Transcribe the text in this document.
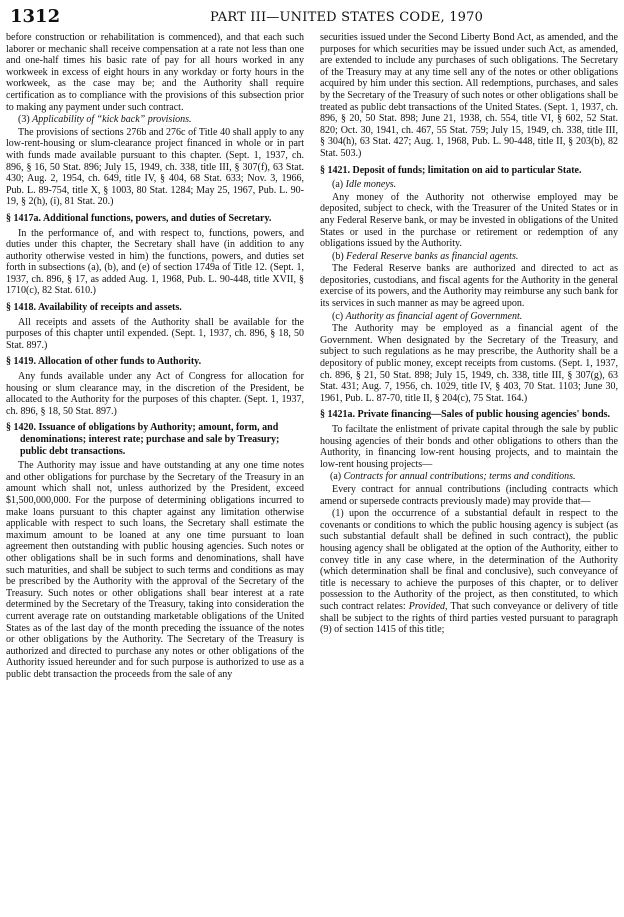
1312	PART III—UNITED STATES CODE, 1970

before construction or rehabilitation is commenced), and that each such laborer or mechanic shall receive compensation at a rate not less than one and one-half times his basic rate of pay for all hours worked in any workweek in excess of eight hours in any workday or forty hours in the workweek, as the case may be; and the Authority shall require certification as to compliance with the provisions of this subsection prior to making any payment under such contract.

(3) Applicability of “kick back” provisions.

The provisions of sections 276b and 276c of Title 40 shall apply to any low-rent-housing or slum-clearance project financed in whole or in part with funds made available pursuant to this chapter. (Sept. 1, 1937, ch. 896, § 16, 50 Stat. 896; July 15, 1949, ch. 338, title III, § 307(f), 63 Stat. 430; Aug. 2, 1954, ch. 649, title IV, § 404, 68 Stat. 633; Nov. 3, 1966, Pub. L. 89-754, title X, § 1003, 80 Stat. 1284; May 25, 1967, Pub. L. 90-19, § 2(h), (i), 81 Stat. 20.)

§ 1417a. Additional functions, powers, and duties of Secretary.

In the performance of, and with respect to, functions, powers, and duties under this chapter, the Secretary shall have (in addition to any authority otherwise vested in him) the functions, powers, and duties set forth in subsections (a), (b), and (e) of section 1749a of Title 12. (Sept. 1, 1937, ch. 896, § 17, as added Aug. 1, 1968, Pub. L. 90-448, title XVII, § 1710(c), 82 Stat. 610.)

§ 1418. Availability of receipts and assets.

All receipts and assets of the Authority shall be available for the purposes of this chapter until expended. (Sept. 1, 1937, ch. 896, § 18, 50 Stat. 897.)

§ 1419. Allocation of other funds to Authority.

Any funds available under any Act of Congress for allocation for housing or slum clearance may, in the discretion of the President, be allocated to the Authority for the purposes of this chapter. (Sept. 1, 1937, ch. 896, § 18, 50 Stat. 897.)

§ 1420. Issuance of obligations by Authority; amount, form, and denominations; interest rate; purchase and sale by Treasury; public debt transactions.

The Authority may issue and have outstanding at any one time notes and other obligations for purchase by the Secretary of the Treasury in an amount which shall not, unless authorized by the President, exceed $1,500,000,000. For the purpose of determining obligations incurred to make loans pursuant to this chapter against any limitation otherwise applicable with respect to such loans, the Secretary shall estimate the maximum amount to be loaned at any one time pursuant to loan agreement then outstanding with public housing agencies. Such notes or other obligations shall be in such forms and denominations, shall have such maturities, and shall be subject to such terms and conditions as may be prescribed by the Authority with the approval of the Secretary of the Treasury. Such notes or other obligations shall bear interest at a rate determined by the Secretary of the Treasury, taking into consideration the current average rate on outstanding marketable obligations of the United States as of the last day of the month preceding the issuance of the notes or other obligations by the Authority. The Secretary of the Treasury is authorized and directed to purchase any notes or other obligations of the Authority issued hereunder and for such purpose is authorized to use as a public debt transaction the proceeds from the sale of any

securities issued under the Second Liberty Bond Act, as amended, and the purposes for which securities may be issued under such Act, as amended, are extended to include any purchases of such obligations. The Secretary of the Treasury may at any time sell any of the notes or other obligations acquired by him under this section. All redemptions, purchases, and sales by the Secretary of the Treasury of such notes or other obligations shall be treated as public debt transactions of the United States. (Sept. 1, 1937, ch. 896, § 20, 50 Stat. 898; June 21, 1938, ch. 554, title VI, § 602, 52 Stat. 820; Oct. 30, 1941, ch. 467, 55 Stat. 759; July 15, 1949, ch. 338, title III, § 304(h), 63 Stat. 427; Aug. 1, 1968, Pub. L. 90-448, title II, § 203(b), 82 Stat. 503.)

§ 1421. Deposit of funds; limitation on aid to particular State.

(a) Idle moneys.

Any money of the Authority not otherwise employed may be deposited, subject to check, with the Treasurer of the United States or in any Federal Reserve bank, or may be invested in obligations of the United States or used in the purchase or retirement or redemption of any obligations issued by the Authority.

(b) Federal Reserve banks as financial agents.

The Federal Reserve banks are authorized and directed to act as depositories, custodians, and fiscal agents for the Authority in the general exercise of its powers, and the Authority may reimburse any such bank for its services in such manner as may be agreed upon.

(c) Authority as financial agent of Government.

The Authority may be employed as a financial agent of the Government. When designated by the Secretary of the Treasury, and subject to such regulations as he may prescribe, the Authority shall be a depository of public money, except receipts from customs. (Sept. 1, 1937, ch. 896, § 21, 50 Stat. 898; July 15, 1949, ch. 338, title III, § 307(g), 63 Stat. 431; Aug. 7, 1956, ch. 1029, title IV, § 403, 70 Stat. 1103; June 30, 1961, Pub. L. 87-70, title II, § 204(c), 75 Stat. 164.)

§ 1421a. Private financing—Sales of public housing agencies' bonds.

To faciltate the enlistment of private capital through the sale by public housing agencies of their bonds and other obligations to others than the Authority, in financing low-rent housing projects, and to maintain the low-rent housing projects—

(a) Contracts for annual contributions; terms and conditions.

Every contract for annual contributions (including contracts which amend or supersede contracts previously made) may provide that—

(1) upon the occurrence of a substantial default in respect to the covenants or conditions to which the public housing agency is subject (as such substantial default shall be defined in such contract), the public housing agency shall be obligated at the option of the Authority, either to convey title in any case where, in the determination of the Authority (which determination shall be final and conclusive), such conveyance of title is necessary to achieve the purposes of this chapter, or to deliver possession to the Authority of the project, as then constituted, to which such contract relates: Provided, That such conveyance or delivery of title shall be subject to the rights of third parties vested pursuant to paragraph (9) of section 1415 of this title;
